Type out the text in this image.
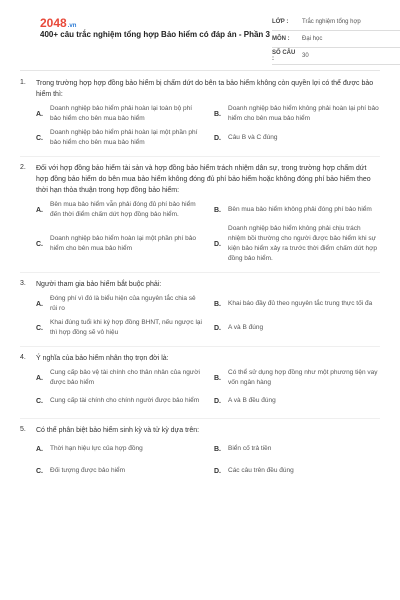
2048.vn
400+ câu trắc nghiệm tổng hợp Bảo hiểm có đáp án - Phần 3
LỚP :	Trắc nghiệm tổng hợp
MÔN :	Đại học
SỐ CÂU :	30
1.	Trong trường hợp hợp đồng bảo hiểm bị chấm dứt do bên ta bảo hiểm không còn quyền lợi có thể được bảo hiểm thì:
A.
Doanh nghiệp bảo hiểm phải hoàn lại toàn bộ phí bảo hiểm cho bên mua bảo hiểm
B.
Doanh nghiệp bảo hiểm không phải hoàn lại phí bảo hiểm cho bên mua bảo hiểm
C.
Doanh nghiệp bảo hiểm phải hoàn lại một phần phí bảo hiểm cho bên mua bảo hiểm
D.	Câu B và C đúng
2.	Đối với hợp đồng bảo hiểm tài sản và hợp đồng bảo hiểm trách nhiệm dân sự, trong trường hợp chấm dứt hợp đồng bảo hiểm do bên mua bảo hiểm không đóng đủ phí bảo hiểm hoặc không đóng phí bảo hiểm theo thời hạn thỏa thuận trong hợp đồng bảo hiểm:
A.
Bên mua bảo hiểm vẫn phải đóng đủ phí bảo hiểm đến thời điểm chấm dứt hợp đồng bảo hiểm.
B.	Bên mua bảo hiểm không phải đóng phí bảo hiểm
C.
Doanh nghiệp bảo hiểm hoàn lại một phần phí bảo hiểm cho bên mua bảo hiểm
D.
Doanh nghiệp bảo hiểm không phải chịu trách nhiệm bồi thường cho người được bảo hiểm khi sự kiện bảo hiểm xảy ra trước thời điểm chấm dứt hợp đồng bảo hiểm.
3.	Người tham gia bảo hiểm bắt buộc phải:
A.
Đóng phí vì đó là biểu hiện của nguyên tắc chia sẻ rủi ro
B.	Khai báo đầy đủ theo nguyên tắc trung thực tối đa
C.
Khai đúng tuổi khi ký hợp đồng BHNT, nếu ngược lại thì hợp đồng sẽ vô hiệu
D.	A và B đúng
4.	Ý nghĩa của bảo hiểm nhân thọ trọn đời là:
A.
Cung cấp bảo vệ tài chính cho thân nhân của người được bảo hiểm
B.
Có thể sử dụng hợp đồng như một phương tiện vay vốn ngân hàng
C.	Cung cấp tài chính cho chính người được bảo hiểm	D.	A và B đều đúng
5.	Có thể phân biệt bảo hiểm sinh kỳ và tử kỳ dựa trên:
A.	Thời hạn hiệu lực của hợp đồng	B.	Biển cố trả tiền
C.	Đối tượng được bảo hiểm	D.	Các câu trên đều đúng
